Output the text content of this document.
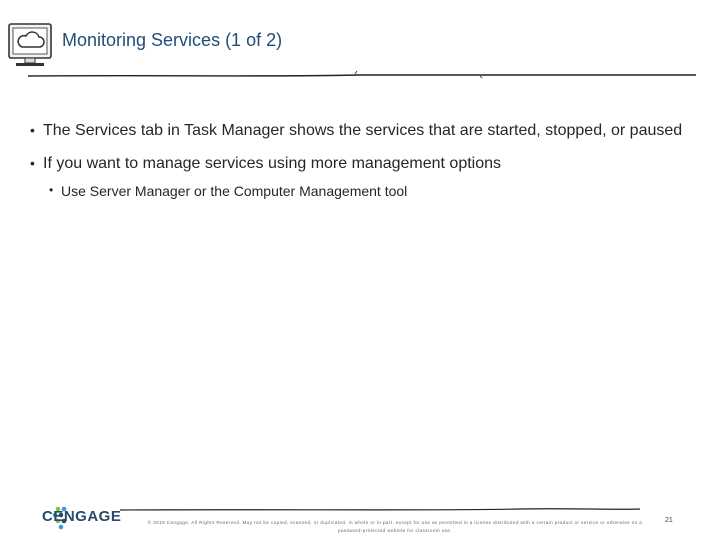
Monitoring Services (1 of 2)
• The Services tab in Task Manager shows the services that are started, stopped, or paused
• If you want to manage services using more management options
• Use Server Manager or the Computer Management tool
CENGAGE	© 2018 Cengage. All Rights Reserved. May not be copied, scanned, or duplicated, in whole or in part, except for use as permitted in a license distributed with a certain product or service or otherwise on a password-protected website for classroom use.
21
